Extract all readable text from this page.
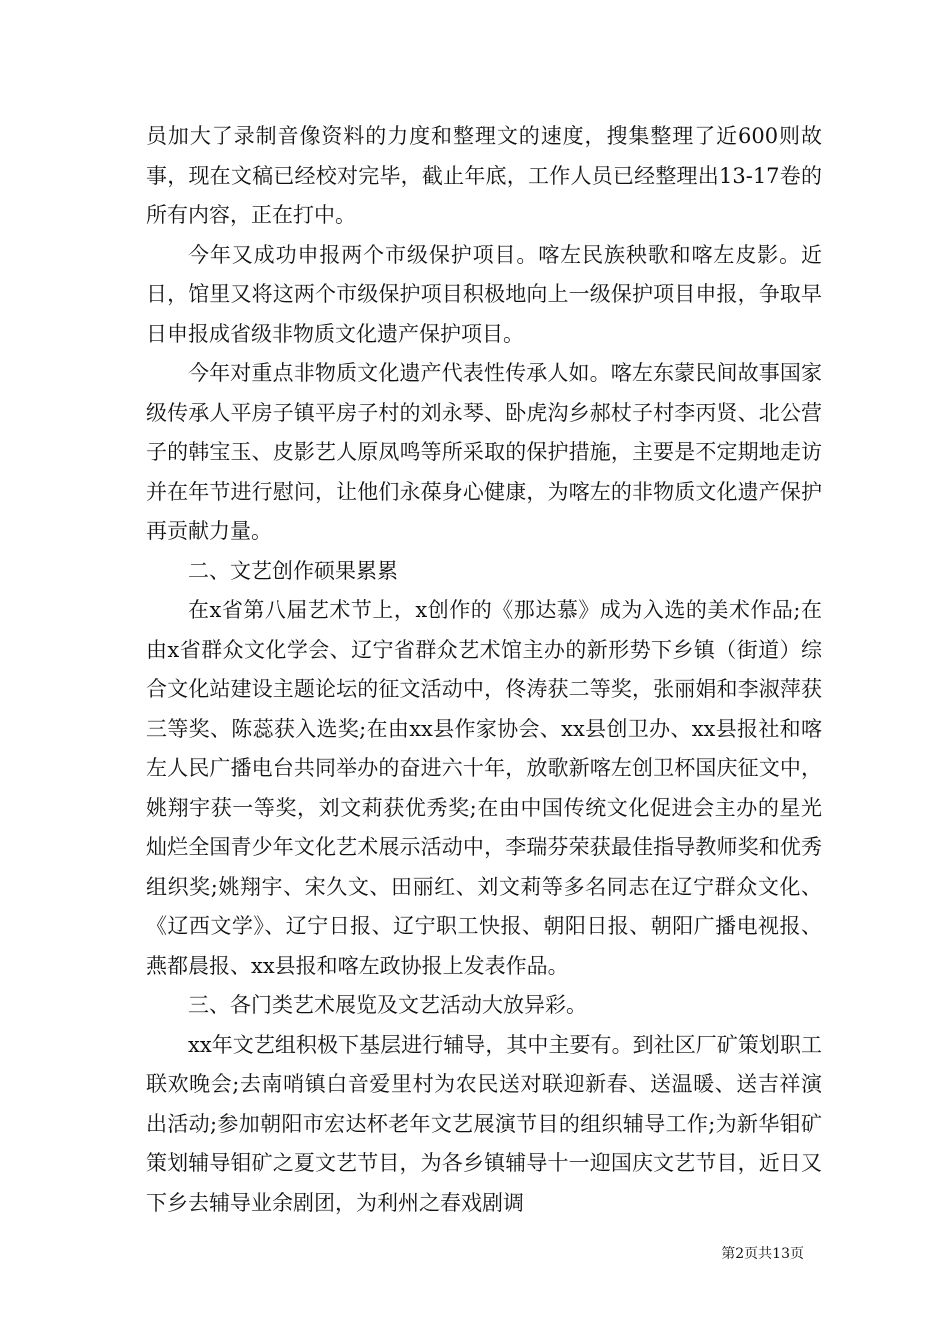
员加大了录制音像资料的力度和整理文的速度，搜集整理了近600则故事，现在文稿已经校对完毕，截止年底，工作人员已经整理出13-17卷的所有内容，正在打中。

今年又成功申报两个市级保护项目。喀左民族秧歌和喀左皮影。近日，馆里又将这两个市级保护项目积极地向上一级保护项目申报，争取早日申报成省级非物质文化遗产保护项目。

今年对重点非物质文化遗产代表性传承人如。喀左东蒙民间故事国家级传承人平房子镇平房子村的刘永琴、卧虎沟乡郝杖子村李丙贤、北公营子的韩宝玉、皮影艺人原凤鸣等所采取的保护措施，主要是不定期地走访并在年节进行慰问，让他们永葆身心健康，为喀左的非物质文化遗产保护再贡献力量。

二、文艺创作硕果累累

在x省第八届艺术节上，x创作的《那达慕》成为入选的美术作品;在由x省群众文化学会、辽宁省群众艺术馆主办的新形势下乡镇（街道）综合文化站建设主题论坛的征文活动中，佟涛获二等奖，张丽娟和李淑萍获三等奖、陈蕊获入选奖;在由xx县作家协会、xx县创卫办、xx县报社和喀左人民广播电台共同举办的奋进六十年，放歌新喀左创卫杯国庆征文中，姚翔宇获一等奖，刘文莉获优秀奖;在由中国传统文化促进会主办的星光灿烂全国青少年文化艺术展示活动中，李瑞芬荣获最佳指导教师奖和优秀组织奖;姚翔宇、宋久文、田丽红、刘文莉等多名同志在辽宁群众文化、《辽西文学》、辽宁日报、辽宁职工快报、朝阳日报、朝阳广播电视报、燕都晨报、xx县报和喀左政协报上发表作品。

三、各门类艺术展览及文艺活动大放异彩。

xx年文艺组积极下基层进行辅导，其中主要有。到社区厂矿策划职工联欢晚会;去南哨镇白音爱里村为农民送对联迎新春、送温暖、送吉祥演出活动;参加朝阳市宏达杯老年文艺展演节目的组织辅导工作;为新华钼矿策划辅导钼矿之夏文艺节目，为各乡镇辅导十一迎国庆文艺节目，近日又下乡去辅导业余剧团，为利州之春戏剧调

第2页共13页
